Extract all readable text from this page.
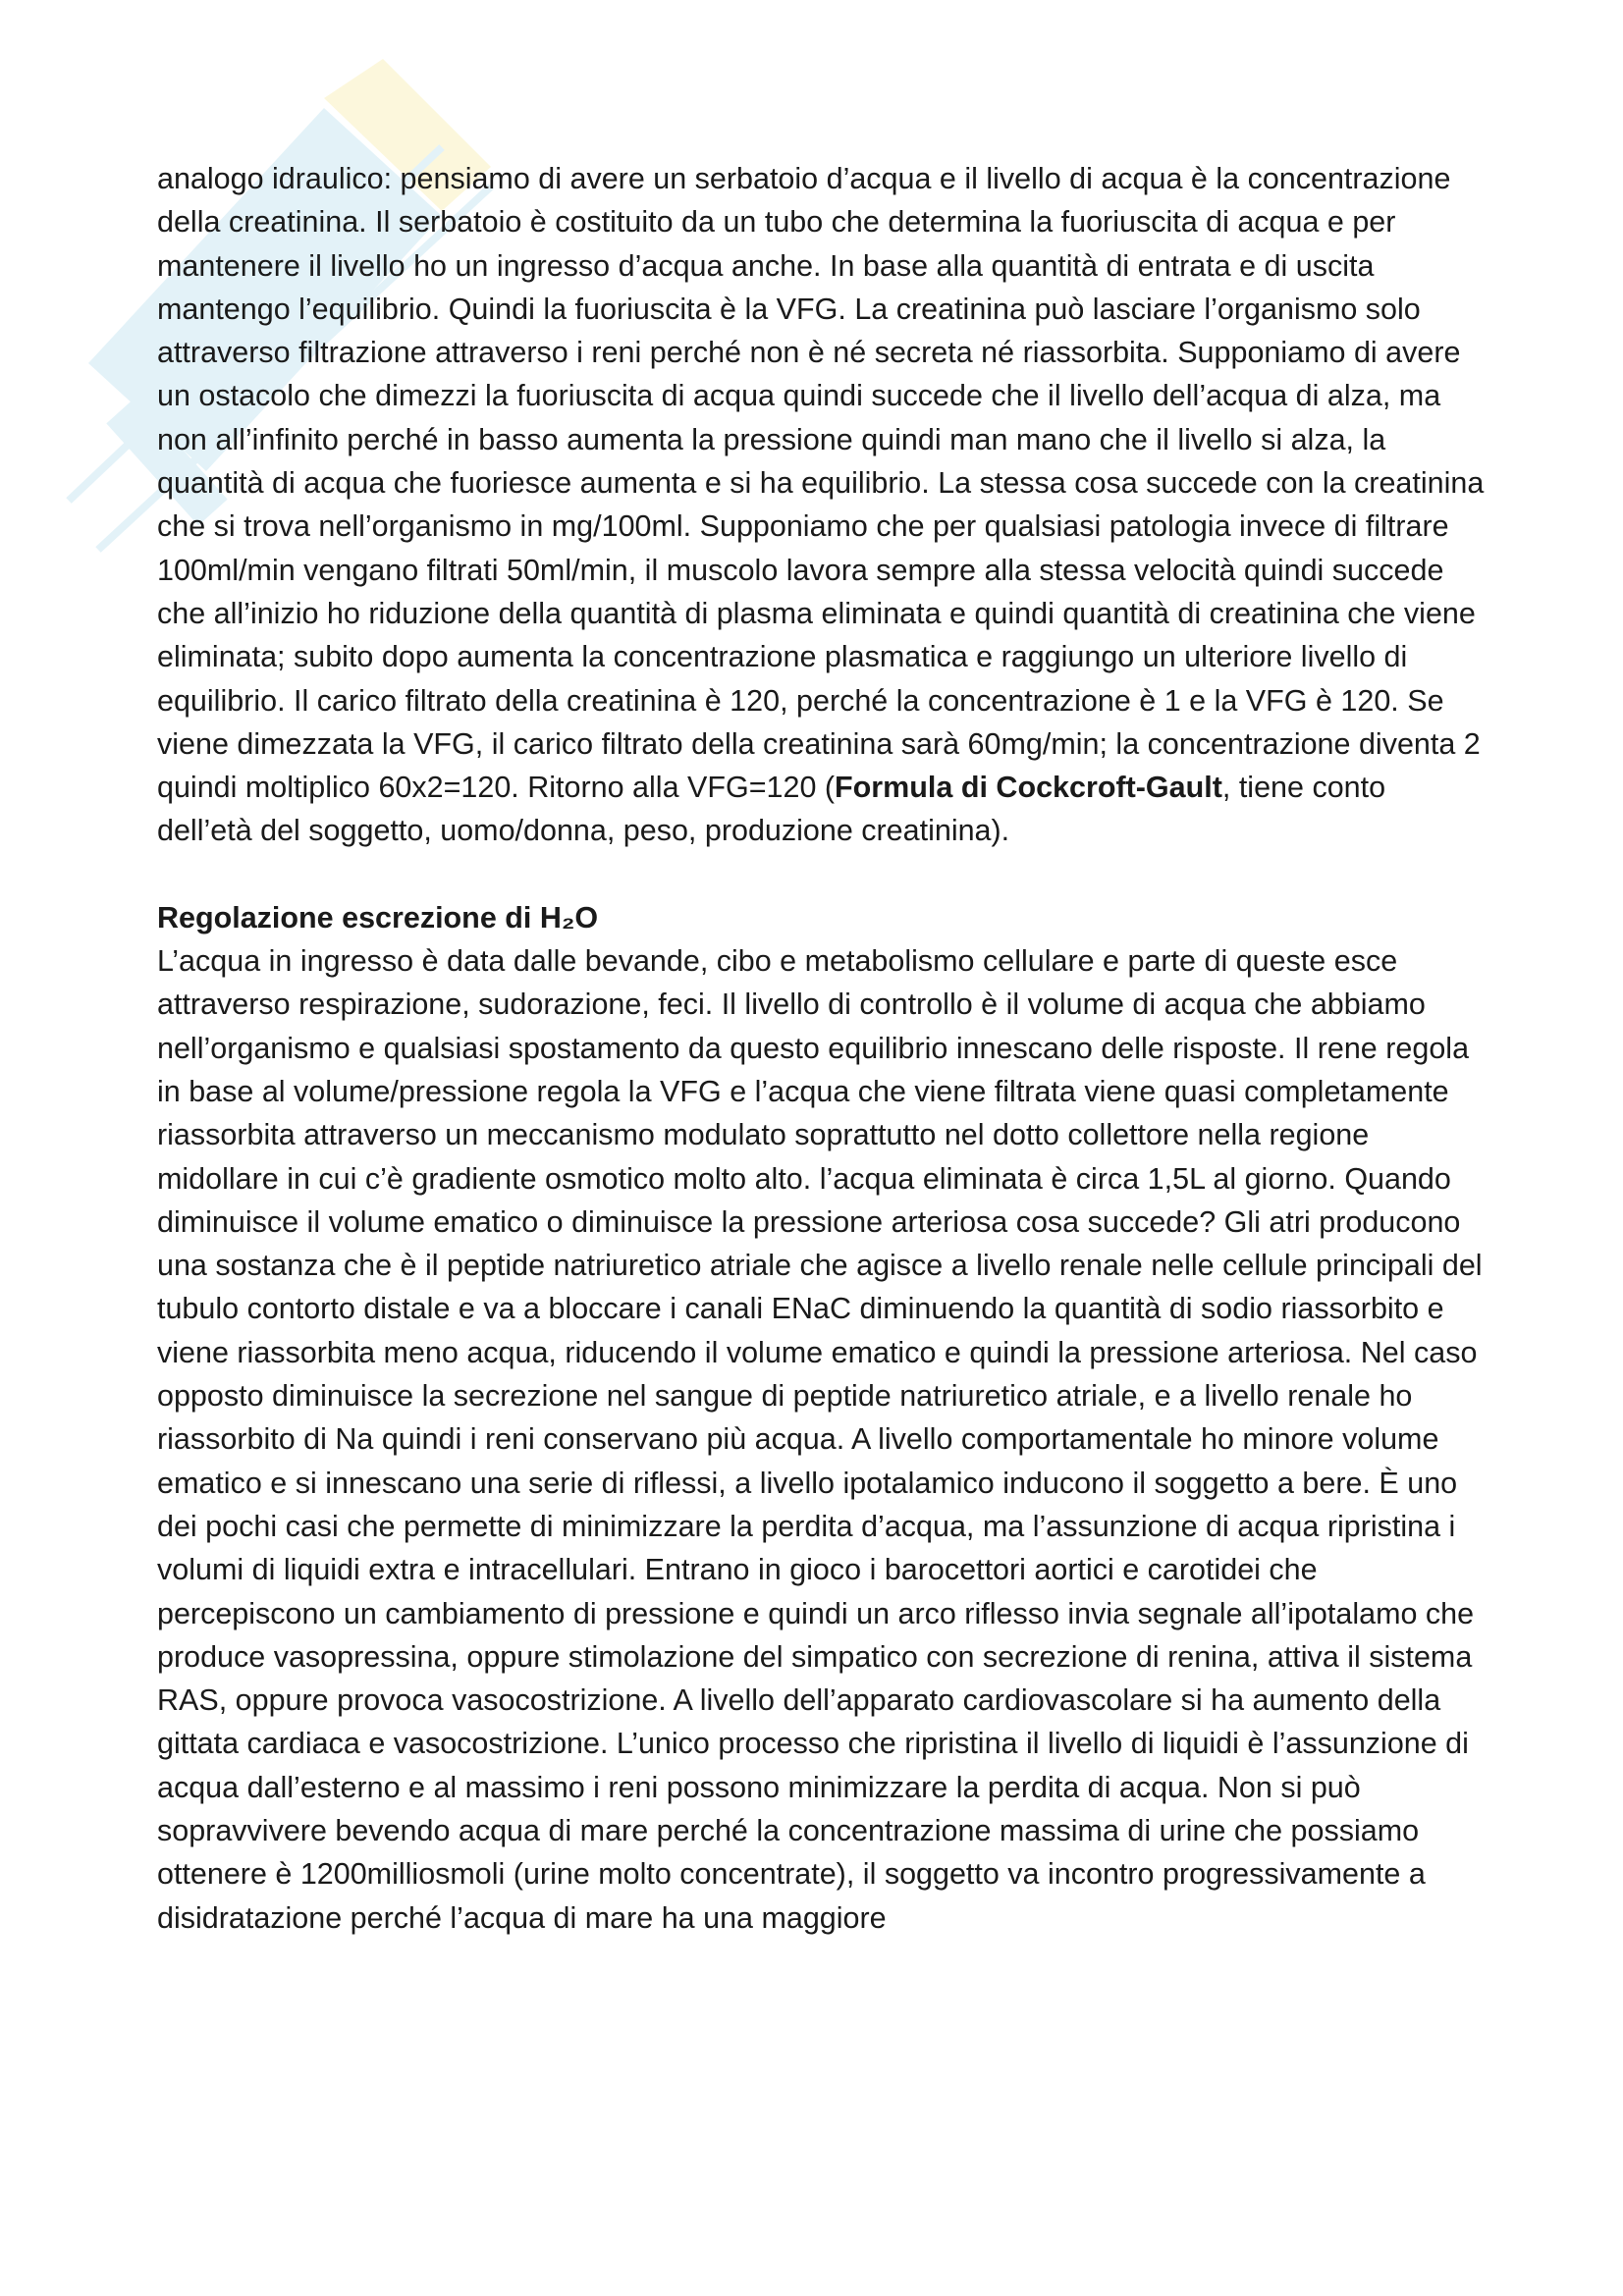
analogo idraulico: pensiamo di avere un serbatoio d’acqua e il livello di acqua è la concentrazione della creatinina. Il serbatoio è costituito da un tubo che determina la fuoriuscita di acqua e per mantenere il livello ho un ingresso d’acqua anche. In base alla quantità di entrata e di uscita mantengo l’equilibrio. Quindi la fuoriuscita è la VFG. La creatinina può lasciare l’organismo solo attraverso filtrazione attraverso i reni perché non è né secreta né riassorbita. Supponiamo di avere un ostacolo che dimezzi la fuoriuscita di acqua quindi succede che il livello dell’acqua di alza, ma non all’infinito perché in basso aumenta la pressione quindi man mano che il livello si alza, la quantità di acqua che fuoriesce aumenta e si ha equilibrio. La stessa cosa succede con la creatinina che si trova nell’organismo in mg/100ml. Supponiamo che per qualsiasi patologia invece di filtrare 100ml/min vengano filtrati 50ml/min, il muscolo lavora sempre alla stessa velocità quindi succede che all’inizio ho riduzione della quantità di plasma eliminata e quindi quantità di creatinina che viene eliminata; subito dopo aumenta la concentrazione plasmatica e raggiungo un ulteriore livello di equilibrio. Il carico filtrato della creatinina è 120, perché la concentrazione è 1 e la VFG è 120. Se viene dimezzata la VFG, il carico filtrato della creatinina sarà 60mg/min; la concentrazione diventa 2 quindi moltiplico 60x2=120. Ritorno alla VFG=120 (Formula di Cockcroft-Gault, tiene conto dell’età del soggetto, uomo/donna, peso, produzione creatinina).

Regolazione escrezione di H₂O

L’acqua in ingresso è data dalle bevande, cibo e metabolismo cellulare e parte di queste esce attraverso respirazione, sudorazione, feci. Il livello di controllo è il volume di acqua che abbiamo nell’organismo e qualsiasi spostamento da questo equilibrio innescano delle risposte. Il rene regola in base al volume/pressione regola la VFG e l’acqua che viene filtrata viene quasi completamente riassorbita attraverso un meccanismo modulato soprattutto nel dotto collettore nella regione midollare in cui c’è gradiente osmotico molto alto. l’acqua eliminata è circa 1,5L al giorno. Quando diminuisce il volume ematico o diminuisce la pressione arteriosa cosa succede? Gli atri producono una sostanza che è il peptide natriuretico atriale che agisce a livello renale nelle cellule principali del tubulo contorto distale e va a bloccare i canali ENaC diminuendo la quantità di sodio riassorbito e viene riassorbita meno acqua, riducendo il volume ematico e quindi la pressione arteriosa. Nel caso opposto diminuisce la secrezione nel sangue di peptide natriuretico atriale, e a livello renale ho riassorbito di Na quindi i reni conservano più acqua. A livello comportamentale ho minore volume ematico e si innescano una serie di riflessi, a livello ipotalamico inducono il soggetto a bere. È uno dei pochi casi che permette di minimizzare la perdita d’acqua, ma l’assunzione di acqua ripristina i volumi di liquidi extra e intracellulari. Entrano in gioco i barocettori aortici e carotidei che percepiscono un cambiamento di pressione e quindi un arco riflesso invia segnale all’ipotalamo che produce vasopressina, oppure stimolazione del simpatico con secrezione di renina, attiva il sistema RAS, oppure provoca vasocostrizione. A livello dell’apparato cardiovascolare si ha aumento della gittata cardiaca e vasocostrizione. L’unico processo che ripristina il livello di liquidi è l’assunzione di acqua dall’esterno e al massimo i reni possono minimizzare la perdita di acqua. Non si può sopravvivere bevendo acqua di mare perché la concentrazione massima di urine che possiamo ottenere è 1200milliosmoli (urine molto concentrate), il soggetto va incontro progressivamente a disidratazione perché l’acqua di mare ha una maggiore
